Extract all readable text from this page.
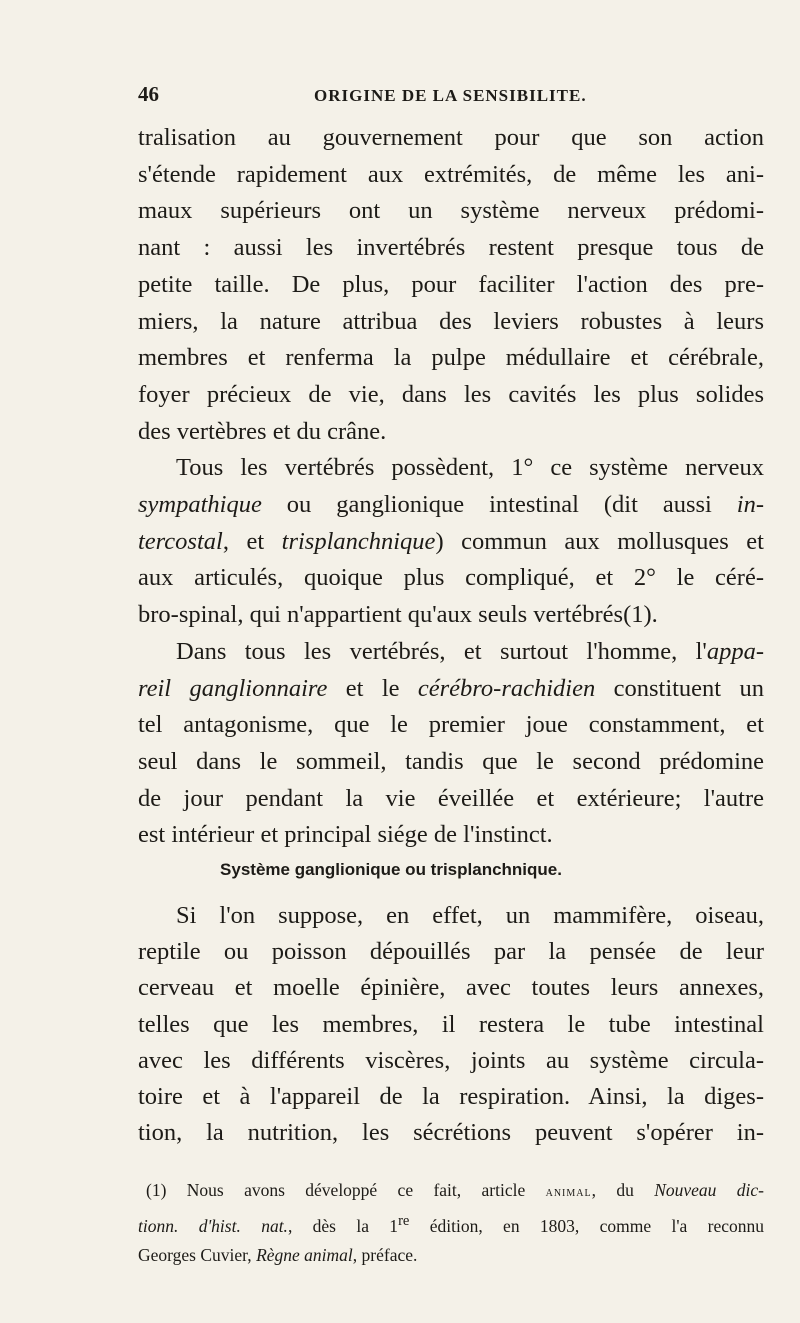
46	ORIGINE DE LA SENSIBILITE.

tralisation au gouvernement pour que son action

s'étende rapidement aux extrémités, de même les ani-

maux supérieurs ont un système nerveux prédomi-

nant : aussi les invertébrés restent presque tous de

petite taille. De plus, pour faciliter l'action des pre-

miers, la nature attribua des leviers robustes à leurs

membres et renferma la pulpe médullaire et cérébrale,

foyer précieux de vie, dans les cavités les plus solides

des vertèbres et du crâne.

Tous les vertébrés possèdent, 1° ce système nerveux

sympathique ou ganglionique intestinal (dit aussi in-

tercostal, et trisplanchnique) commun aux mollusques et

aux articulés, quoique plus compliqué, et 2° le céré-

bro-spinal, qui n'appartient qu'aux seuls vertébrés(1).

Dans tous les vertébrés, et surtout l'homme, l'appa-

reil ganglionnaire et le cérébro-rachidien constituent un

tel antagonisme, que le premier joue constamment, et

seul dans le sommeil, tandis que le second prédomine

de jour pendant la vie éveillée et extérieure; l'autre

est intérieur et principal siége de l'instinct.

Système ganglionique ou trisplanchnique.

Si l'on suppose, en effet, un mammifère, oiseau,

reptile ou poisson dépouillés par la pensée de leur

cerveau et moelle épinière, avec toutes leurs annexes,

telles que les membres, il restera le tube intestinal

avec les différents viscères, joints au système circula-

toire et à l'appareil de la respiration. Ainsi, la diges-

tion, la nutrition, les sécrétions peuvent s'opérer in-

(1) Nous avons développé ce fait, article animal, du Nouveau dic-
tionn. d'hist. nat., dès la 1re édition, en 1803, comme l'a reconnu
Georges Cuvier, Règne animal, préface.
